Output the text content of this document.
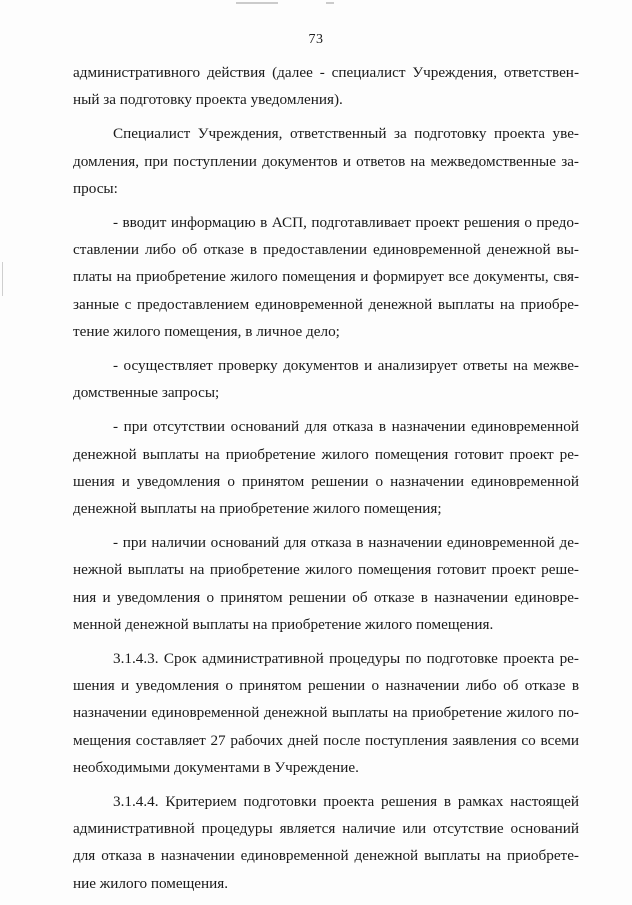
73
административного действия (далее - специалист Учреждения, ответствен-
ный за подготовку проекта уведомления).
Специалист Учреждения, ответственный за подготовку проекта уве-
домления, при поступлении документов и ответов на межведомственные за-
просы:
- вводит информацию в АСП, подготавливает проект решения о предо-
ставлении либо об отказе в предоставлении единовременной денежной вы-
платы на приобретение жилого помещения и формирует все документы, свя-
занные с предоставлением единовременной денежной выплаты на приобре-
тение жилого помещения, в личное дело;
- осуществляет проверку документов и анализирует ответы на межве-
домственные запросы;
- при отсутствии оснований для отказа в назначении единовременной
денежной выплаты на приобретение жилого помещения готовит проект ре-
шения и уведомления о принятом решении о назначении единовременной
денежной выплаты на приобретение жилого помещения;
- при наличии оснований для отказа в назначении единовременной де-
нежной выплаты на приобретение жилого помещения готовит проект реше-
ния и уведомления о принятом решении об отказе в назначении единовре-
менной денежной выплаты на приобретение жилого помещения.
3.1.4.3. Срок административной процедуры по подготовке проекта ре-
шения и уведомления о принятом решении о назначении либо об отказе в
назначении единовременной денежной выплаты на приобретение жилого по-
мещения составляет 27 рабочих дней после поступления заявления со всеми
необходимыми документами в Учреждение.
3.1.4.4. Критерием подготовки проекта решения в рамках настоящей
административной процедуры является наличие или отсутствие оснований
для отказа в назначении единовременной денежной выплаты на приобрете-
ние жилого помещения.
